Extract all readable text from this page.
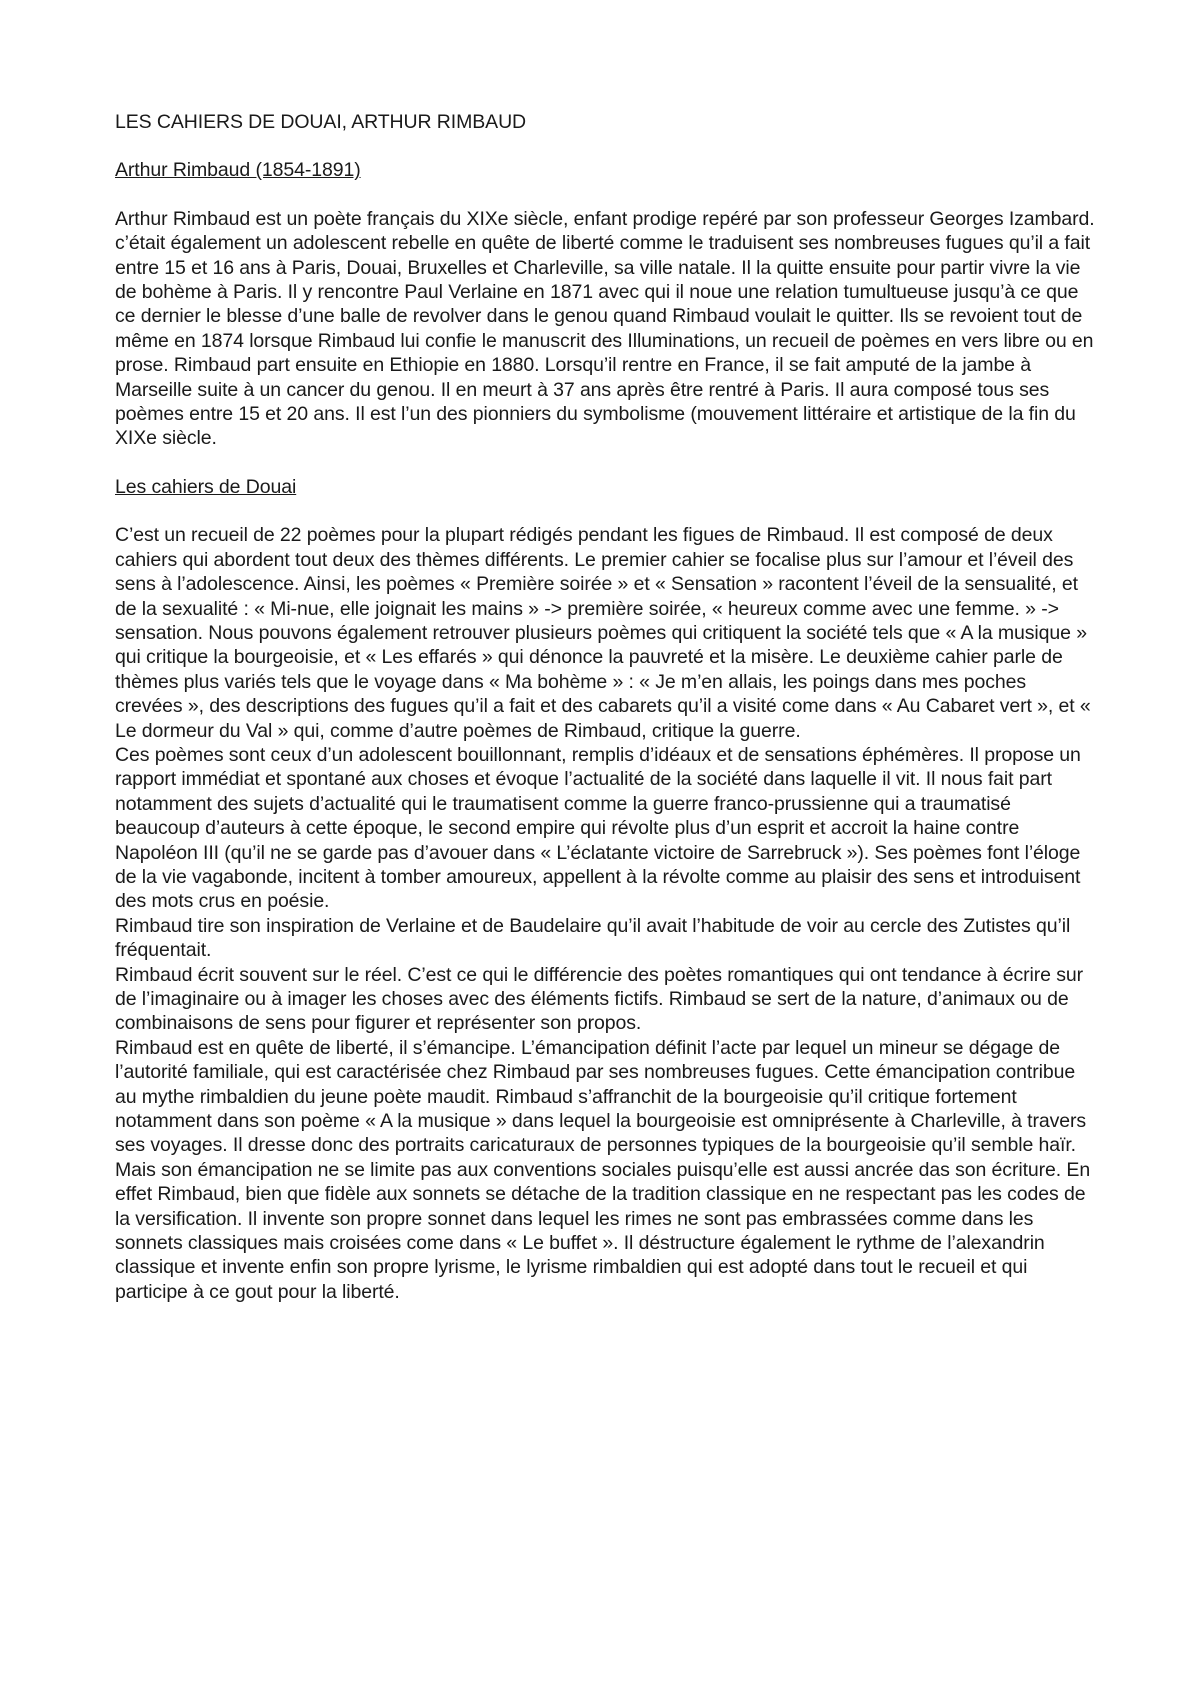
LES CAHIERS DE DOUAI, ARTHUR RIMBAUD
Arthur Rimbaud (1854-1891)

Arthur Rimbaud est un poète français du XIXe siècle, enfant prodige repéré par son professeur Georges Izambard. c’était également un adolescent rebelle en quête de liberté comme le traduisent ses nombreuses fugues qu’il a fait entre 15 et 16 ans à Paris, Douai, Bruxelles et Charleville, sa ville natale. Il la quitte ensuite pour partir vivre la vie de bohème à Paris. Il y rencontre Paul Verlaine en 1871 avec qui il noue une relation tumultueuse jusqu’à ce que ce dernier le blesse d’une balle de revolver dans le genou quand Rimbaud voulait le quitter. Ils se revoient tout de même en 1874 lorsque Rimbaud lui confie le manuscrit des Illuminations, un recueil de poèmes en vers libre ou en prose. Rimbaud part ensuite en Ethiopie en 1880. Lorsqu’il rentre en France, il se fait amputé de la jambe à Marseille suite à un cancer du genou. Il en meurt à 37 ans après être rentré à Paris. Il aura composé tous ses poèmes entre 15 et 20 ans. Il est l’un des pionniers du symbolisme (mouvement littéraire et artistique de la fin du XIXe siècle.

Les cahiers de Douai

C’est un recueil de 22 poèmes pour la plupart rédigés pendant les figues de Rimbaud. Il est composé de deux cahiers qui abordent tout deux des thèmes différents. Le premier cahier se focalise plus sur l’amour et l’éveil des sens à l’adolescence. Ainsi, les poèmes « Première soirée » et « Sensation » racontent l’éveil de la sensualité, et de la sexualité : « Mi-nue, elle joignait les mains » -> première soirée, « heureux comme avec une femme. » -> sensation. Nous pouvons également retrouver plusieurs poèmes qui critiquent la société tels que « A la musique » qui critique la bourgeoisie, et « Les effarés » qui dénonce la pauvreté et la misère. Le deuxième cahier parle de thèmes plus variés tels que le voyage dans « Ma bohème » : « Je m’en allais, les poings dans mes poches crevées », des descriptions des fugues qu’il a fait et des cabarets qu’il a visité come dans « Au Cabaret vert », et « Le dormeur du Val » qui, comme d’autre poèmes de Rimbaud, critique la guerre.

Ces poèmes sont ceux d’un adolescent bouillonnant, remplis d’idéaux et de sensations éphémères. Il propose un rapport immédiat et spontané aux choses et évoque l’actualité de la société dans laquelle il vit. Il nous fait part notamment des sujets d’actualité qui le traumatisent comme la guerre franco-prussienne qui a traumatisé beaucoup d’auteurs à cette époque, le second empire qui révolte plus d’un esprit et accroit la haine contre Napoléon III (qu’il ne se garde pas d’avouer dans « L’éclatante victoire de Sarrebruck »). Ses poèmes font l’éloge de la vie vagabonde, incitent à tomber amoureux, appellent à la révolte comme au plaisir des sens et introduisent des mots crus en poésie.

Rimbaud tire son inspiration de Verlaine et de Baudelaire qu’il avait l’habitude de voir au cercle des Zutistes qu’il fréquentait.

Rimbaud écrit souvent sur le réel. C’est ce qui le différencie des poètes romantiques qui ont tendance à écrire sur de l’imaginaire ou à imager les choses avec des éléments fictifs. Rimbaud se sert de la nature, d’animaux ou de combinaisons de sens pour figurer et représenter son propos.

Rimbaud est en quête de liberté, il s’émancipe. L’émancipation définit l’acte par lequel un mineur se dégage de l’autorité familiale, qui est caractérisée chez Rimbaud par ses nombreuses fugues. Cette émancipation contribue au mythe rimbaldien du jeune poète maudit. Rimbaud s’affranchit de la bourgeoisie qu’il critique fortement notamment dans son poème « A la musique » dans lequel la bourgeoisie est omniprésente à Charleville, à travers ses voyages. Il dresse donc des portraits caricaturaux de personnes typiques de la bourgeoisie qu’il semble haïr. Mais son émancipation ne se limite pas aux conventions sociales puisqu’elle est aussi ancrée das son écriture. En effet Rimbaud, bien que fidèle aux sonnets se détache de la tradition classique en ne respectant pas les codes de la versification. Il invente son propre sonnet dans lequel les rimes ne sont pas embrassées comme dans les sonnets classiques mais croisées come dans « Le buffet ». Il déstructure également le rythme de l’alexandrin classique et invente enfin son propre lyrisme, le lyrisme rimbaldien qui est adopté dans tout le recueil et qui participe à ce gout pour la liberté.
